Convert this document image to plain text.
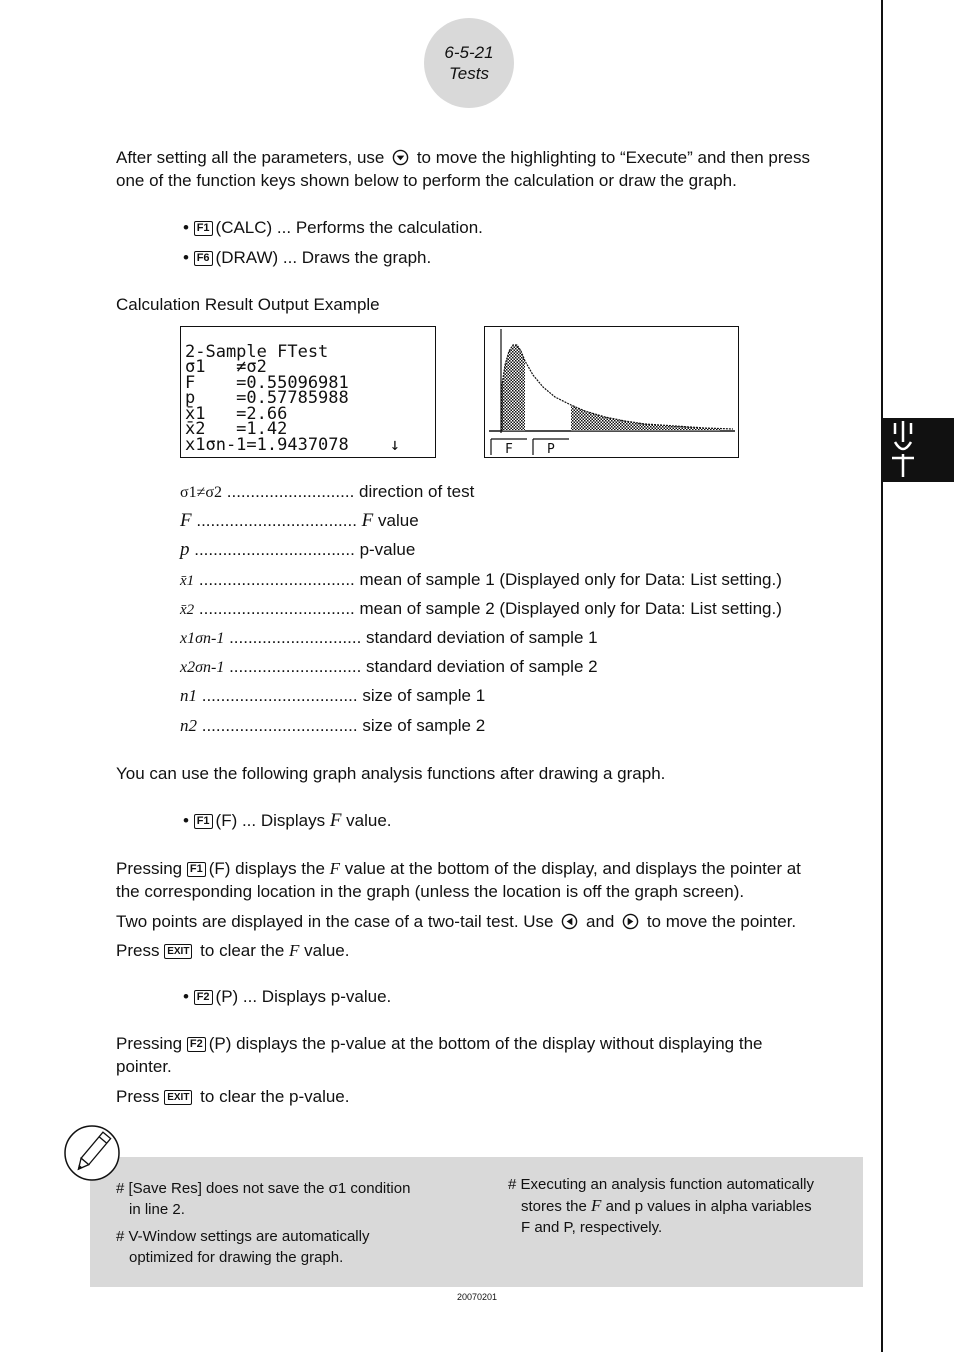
6-5-21
Tests
After setting all the parameters, use to move the highlighting to “Execute” and then press
one of the function keys shown below to perform the calculation or draw the graph.
• F1 (CALC) ... Performs the calculation.
• F6 (DRAW) ... Draws the graph.
Calculation Result Output Example

2-Sample FTest
σ1   ≠σ2
F    =0.55096981
p    =0.57785988
x̄1   =2.66
x̄2   =1.42
x1σn-1=1.9437078    ↓

	F	P
σ1≠σ2 ........................... direction of test
F .................................. F value
p .................................. p-value
x̄1 ................................. mean of sample 1 (Displayed only for Data: List setting.)
x̄2 ................................. mean of sample 2 (Displayed only for Data: List setting.)
x1σn-1 ............................ standard deviation of sample 1
x2σn-1 ............................ standard deviation of sample 2
n1 ................................. size of sample 1
n2 ................................. size of sample 2
You can use the following graph analysis functions after drawing a graph.
• F1 (F) ... Displays F value.
Pressing F1 (F) displays the F value at the bottom of the display, and displays the pointer at
the corresponding location in the graph (unless the location is off the graph screen).
Two points are displayed in the case of a two-tail test. Use and to move the pointer.
Press EXIT to clear the F value.
• F2 (P) ... Displays p-value.
Pressing F2 (P) displays the p-value at the bottom of the display without displaying the
pointer.
Press EXIT to clear the p-value.
# [Save Res] does not save the σ1 condition
in line 2.
# V-Window settings are automatically
optimized for drawing the graph.
# Executing an analysis function automatically
stores the F and p values in alpha variables
F and P, respectively.
20070201
